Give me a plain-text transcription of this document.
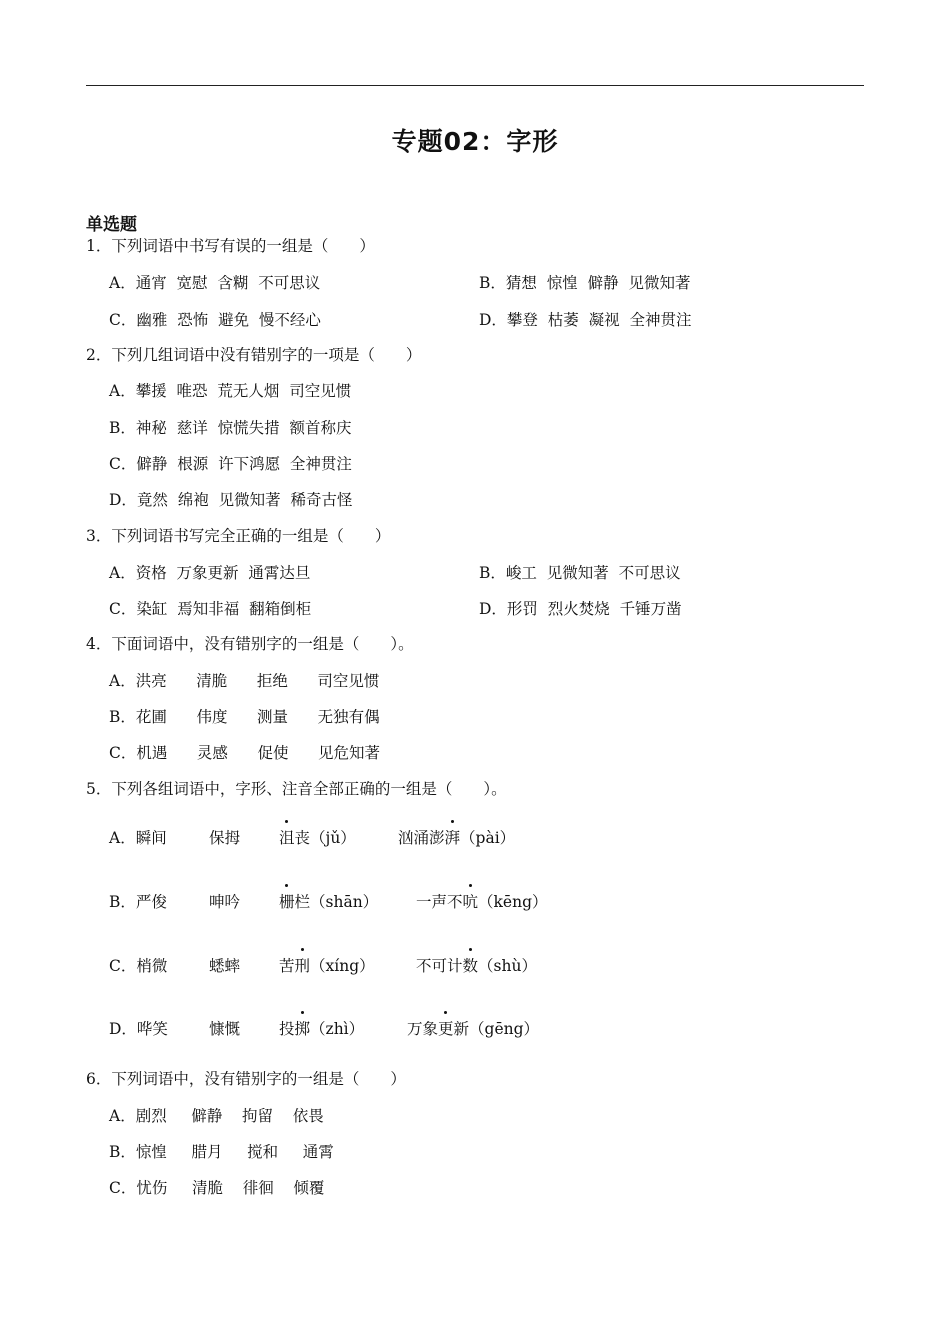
专题02：字形
单选题
1．下列词语中书写有误的一组是（　　）
A．通宵  宽慰  含糊  不可思议	B．猜想  惊惶  僻静  见微知著
C．幽雅  恐怖  避免  慢不经心	D．攀登  枯萎  凝视  全神贯注
2．下列几组词语中没有错别字的一项是（　　）
A．攀援  唯恐  荒无人烟  司空见惯
B．神秘  慈详  惊慌失措  额首称庆
C．僻静  根源  许下鸿愿  全神贯注
D．竟然  绵袍  见微知著  稀奇古怪
3．下列词语书写完全正确的一组是（　　）
A．资格  万象更新  通霄达旦	B．峻工  见微知著  不可思议
C．染缸  焉知非福  翻箱倒柜	D．形罚  烈火焚烧  千锤万凿
4．下面词语中，没有错别字的一组是（　　）。
A．洪亮      清脆      拒绝      司空见惯
B．花圃      伟度      测量      无独有偶
C．机遇      灵感      促使      见危知著
5．下列各组词语中，字形、注音全部正确的一组是（　　）。
A．瞬间	保拇	沮丧（jǔ）	汹涌澎湃（pài）
B．严俊	呻吟	栅栏（shān） 一声不吭（kēng）
C．梢微	蟋蟀	苦刑（xíng）	不可计数（shù）
D．哗笑	慷慨	投掷（zhì）	万象更新（gēng）
6．下列词语中，没有错别字的一组是（　　）
A．剧烈     僻静    拘留    依畏
B．惊惶     腊月     搅和     通霄
C．忧伤     清脆    徘徊    倾覆
